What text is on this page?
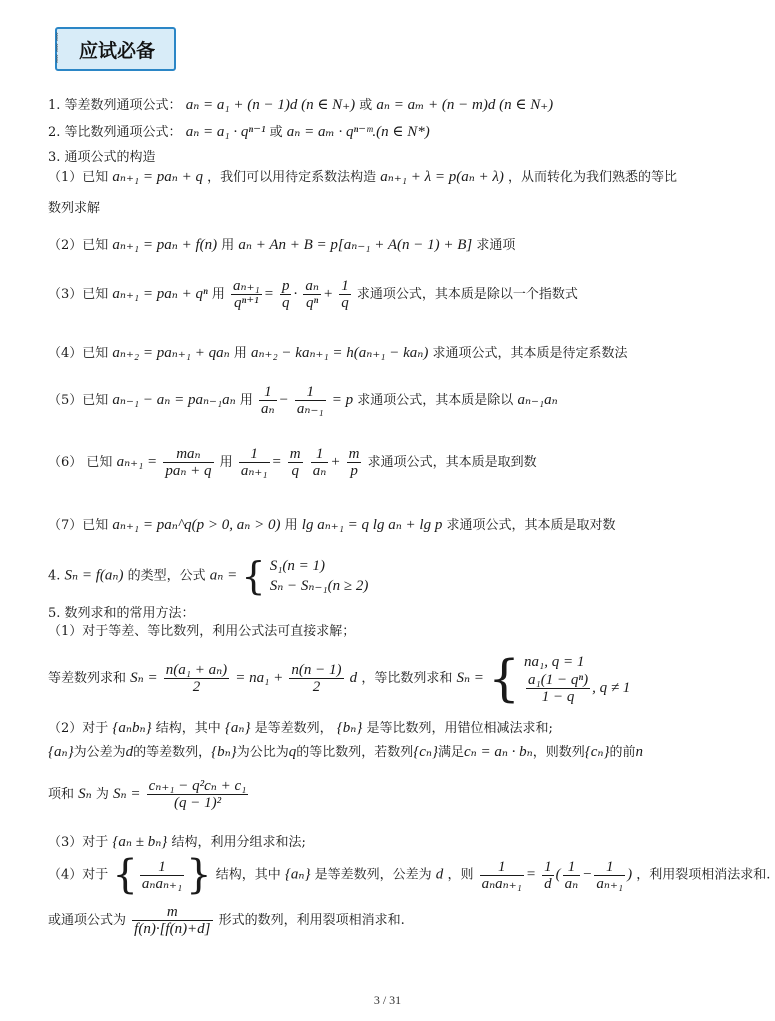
⦚
⦚
⦚	应试必备
1. 等差数列通项公式： aₙ = a₁ + (n − 1)d (n ∈ N₊) 或 aₙ = aₘ + (n − m)d (n ∈ N₊)
2. 等比数列通项公式： aₙ = a₁ · qⁿ⁻¹ 或 aₙ = aₘ · qⁿ⁻ᵐ.(n ∈ N*)
3. 通项公式的构造
（1）已知 aₙ₊₁ = paₙ + q ，我们可以用待定系数法构造 aₙ₊₁ + λ = p(aₙ + λ) ，从而转化为我们熟悉的等比
数列求解
（2）已知 aₙ₊₁ = paₙ + f(n) 用 aₙ + An + B = p[aₙ₋₁ + A(n − 1) + B] 求通项
（3）已知 aₙ₊₁ = paₙ + qⁿ 用 $\frac{\text{aₙ₊₁}}{\text{qⁿ⁺¹}} = \frac{p}{q} \cdot \frac{\text{aₙ}}{\text{qⁿ}} + \frac{1}{q}$ 求通项公式，其本质是除以一个指数式
（4）已知 aₙ₊₂ = paₙ₊₁ + qaₙ 用 aₙ₊₂ − kaₙ₊₁ = h(aₙ₊₁ − kaₙ) 求通项公式，其本质是待定系数法
（5）已知 aₙ₋₁ − aₙ = paₙ₋₁aₙ 用 $\frac{1}{\text{aₙ}} - \frac{1}{\text{aₙ₋₁}} = p$ 求通项公式，其本质是除以 aₙ₋₁aₙ
（6） 已知 $a_{n+1} = \frac{\text{maₙ}}{\text{paₙ + q}}$ 用 $\frac{1}{\text{aₙ₊₁}} = \frac{m}{q}$
$\frac{1}{\text{aₙ}} + \frac{m}{p}$ 求通项公式，其本质是取到数
（7）已知 aₙ₊₁ = paₙ^q(p > 0, aₙ > 0) 用 lg aₙ₊₁ = q lg aₙ + lg p 求通项公式，其本质是取对数
4. Sₙ = f(aₙ) 的类型，公式 aₙ = { S₁(n = 1)
Sₙ − Sₙ₋₁(n ≥ 2)
5. 数列求和的常用方法：
（1）对于等差、等比数列，利用公式法可直接求解；
等差数列求和 $S_n = \frac{\text{n(a₁ + aₙ)}}{2} = na_1 + \frac{n(n - 1)}{2}$ d ，等比数列求和 Sₙ = { na₁, q = 1

$\frac{\text{a₁(1 − qⁿ)}}{1 - q}$ , q ≠ 1
（2）对于 {aₙbₙ} 结构，其中 {aₙ} 是等差数列， {bₙ} 是等比数列，用错位相减法求和;
{aₙ}为公差为d的等差数列，{bₙ}为公比为q的等比数列，若数列{cₙ}满足cₙ = aₙ · bₙ，则数列{cₙ}的前n
项和 Sₙ 为 $S_n = \frac{\text{cₙ₊₁ − q²cₙ + c₁}}{\text{(q − 1)²}}$
（3）对于 {aₙ ± bₙ} 结构，利用分组求和法;
（4）对于 { $\frac{1}{\text{aₙaₙ₊₁}}$ } 结构，其中 {aₙ} 是等差数列，公差为 d ，则 $\frac{1}{\text{aₙaₙ₊₁}} = \frac{1}{d}$ ( $\frac{1}{\text{aₙ}} - \frac{1}{\text{aₙ₊₁}}$ ) ，利用裂项相消法求和.
或通项公式为 $\frac{m}{f(n)\cdot[f(n)+d]}$ 形式的数列，利用裂项相消求和.
3 / 31
